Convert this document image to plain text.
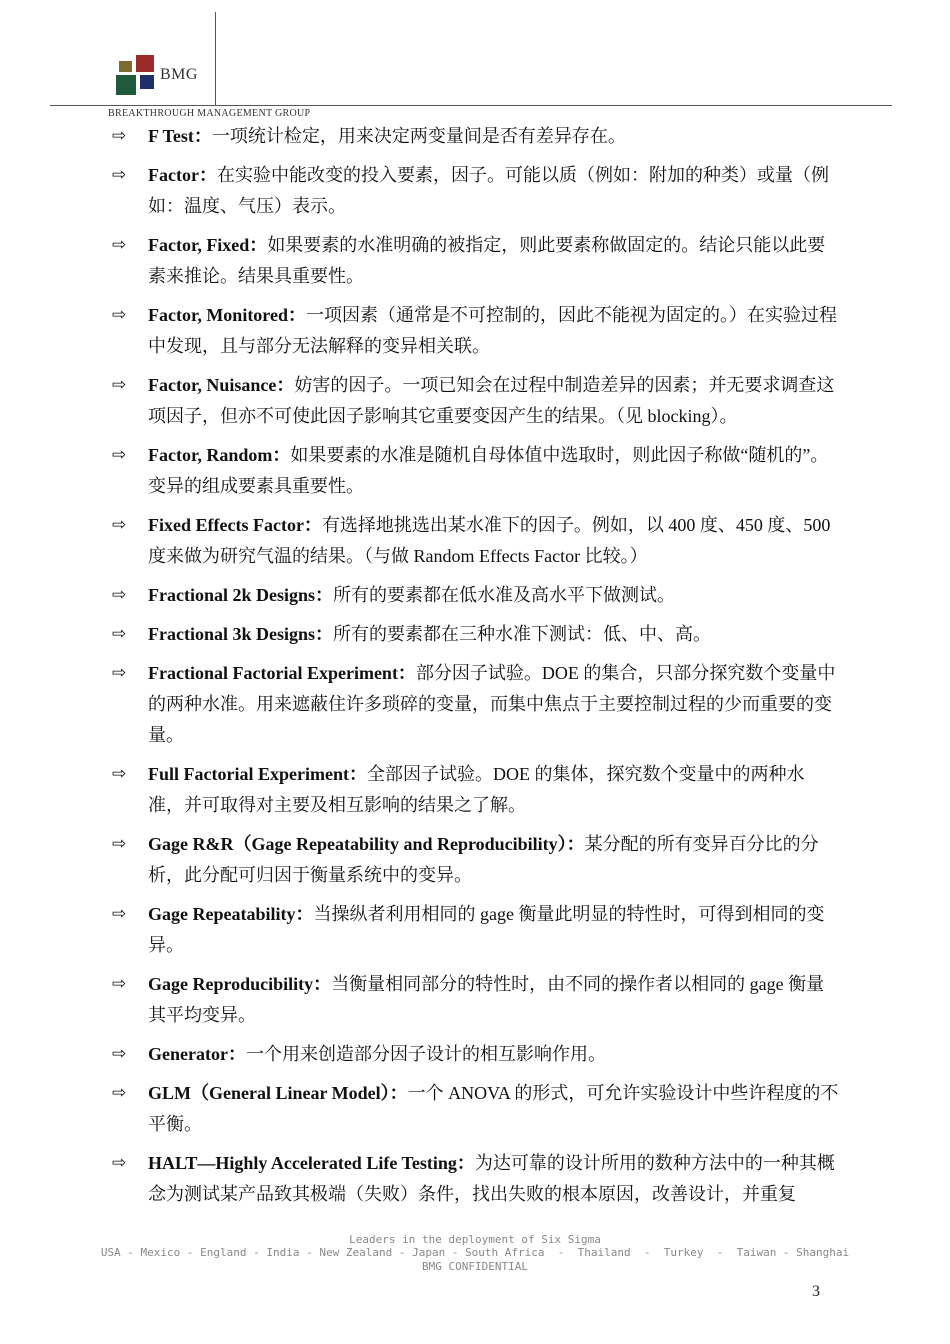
BMG
BREAKTHROUGH MANAGEMENT GROUP
⇨ F Test：一项统计检定，用来决定两变量间是否有差异存在。
⇨ Factor：在实验中能改变的投入要素，因子。可能以质（例如：附加的种类）或量（例如：温度、气压）表示。
⇨ Factor, Fixed：如果要素的水准明确的被指定，则此要素称做固定的。结论只能以此要素来推论。结果具重要性。
⇨ Factor, Monitored：一项因素（通常是不可控制的，因此不能视为固定的。）在实验过程中发现，且与部分无法解释的变异相关联。
⇨ Factor, Nuisance：妨害的因子。一项已知会在过程中制造差异的因素；并无要求调查这项因子，但亦不可使此因子影响其它重要变因产生的结果。（见 blocking）。
⇨ Factor, Random：如果要素的水准是随机自母体值中选取时，则此因子称做“随机的”。变异的组成要素具重要性。
⇨ Fixed Effects Factor：有选择地挑选出某水准下的因子。例如，以 400 度、450 度、500 度来做为研究气温的结果。（与做 Random Effects Factor 比较。）
⇨ Fractional 2k Designs：所有的要素都在低水准及高水平下做测试。
⇨ Fractional 3k Designs：所有的要素都在三种水准下测试：低、中、高。
⇨ Fractional Factorial Experiment：部分因子试验。DOE 的集合，只部分探究数个变量中的两种水准。用来遮蔽住许多琐碎的变量，而集中焦点于主要控制过程的少而重要的变量。
⇨ Full Factorial Experiment：全部因子试验。DOE 的集体，探究数个变量中的两种水准，并可取得对主要及相互影响的结果之了解。
⇨ Gage R&R（Gage Repeatability and Reproducibility）：某分配的所有变异百分比的分析，此分配可归因于衡量系统中的变异。
⇨ Gage Repeatability：当操纵者利用相同的 gage 衡量此明显的特性时，可得到相同的变异。
⇨ Gage Reproducibility：当衡量相同部分的特性时，由不同的操作者以相同的 gage 衡量其平均变异。
⇨ Generator：一个用来创造部分因子设计的相互影响作用。
⇨ GLM（General Linear Model）：一个 ANOVA 的形式，可允许实验设计中些许程度的不平衡。
⇨ HALT—Highly Accelerated Life Testing：为达可靠的设计所用的数种方法中的一种其概念为测试某产品致其极端（失败）条件，找出失败的根本原因，改善设计，并重复
Leaders in the deployment of Six Sigma
USA - Mexico - England - India - New Zealand - Japan - South Africa  -  Thailand  -  Turkey  -  Taiwan - Shanghai
BMG CONFIDENTIAL
3
